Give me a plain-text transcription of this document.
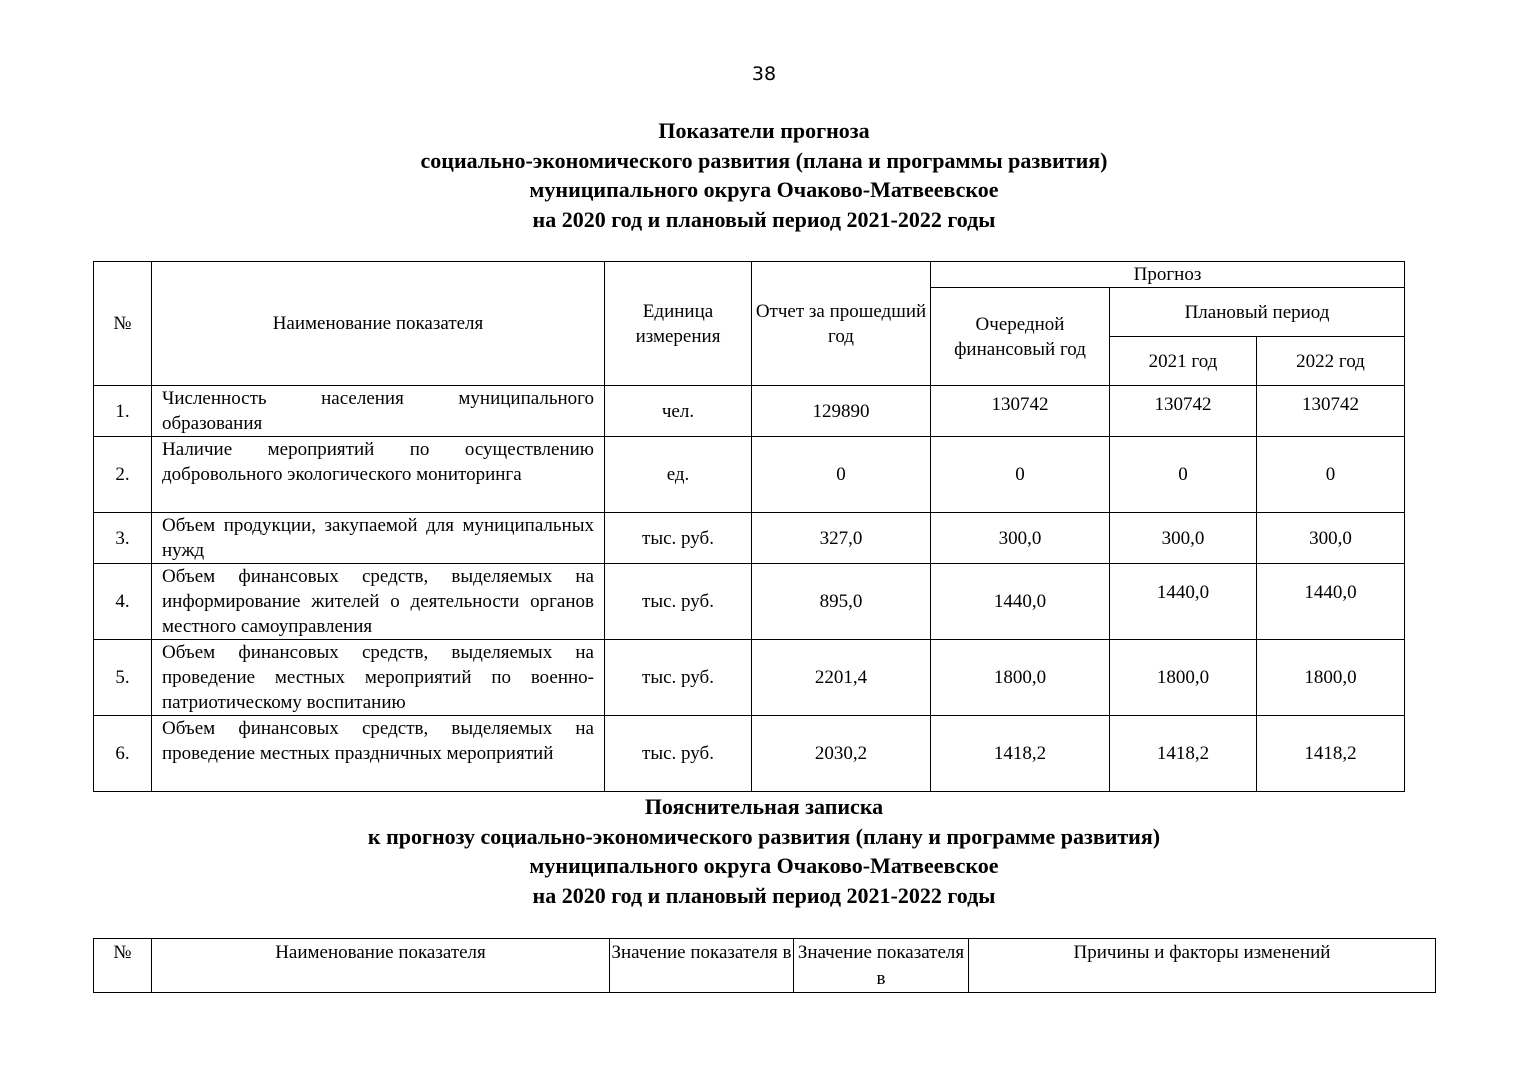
38
Показатели прогноза
социально-экономического развития (плана и программы развития)
муниципального округа Очаково-Матвеевское
на 2020 год и плановый период 2021-2022 годы
№	Наименование показателя	Единица измерения	Отчет за прошедший год	Прогноз		
				Очередной финансовый год	Плановый период	
					2021 год	2022 год
1.	Численность населения муниципального образования	чел.	129890	130742	130742	130742
2.	Наличие мероприятий по осуществлению добровольного экологического мониторинга	ед.	0	0	0	0
3.	Объем продукции, закупаемой для муниципальных нужд	тыс. руб.	327,0	300,0	300,0	300,0
4.	Объем финансовых средств, выделяемых на информирование жителей о деятельности органов местного самоуправления	тыс. руб.	895,0	1440,0	1440,0	1440,0
5.	Объем финансовых средств, выделяемых на проведение местных мероприятий по военно-патриотическому воспитанию	тыс. руб.	2201,4	1800,0	1800,0	1800,0
6.	Объем финансовых средств, выделяемых на проведение местных праздничных мероприятий	тыс. руб.	2030,2	1418,2	1418,2	1418,2
Пояснительная записка
к прогнозу социально-экономического развития (плану и программе развития)
муниципального округа Очаково-Матвеевское
на 2020 год и плановый период 2021-2022 годы
№	Наименование показателя	Значение показателя в	Значение показателя в	Причины и факторы изменений
